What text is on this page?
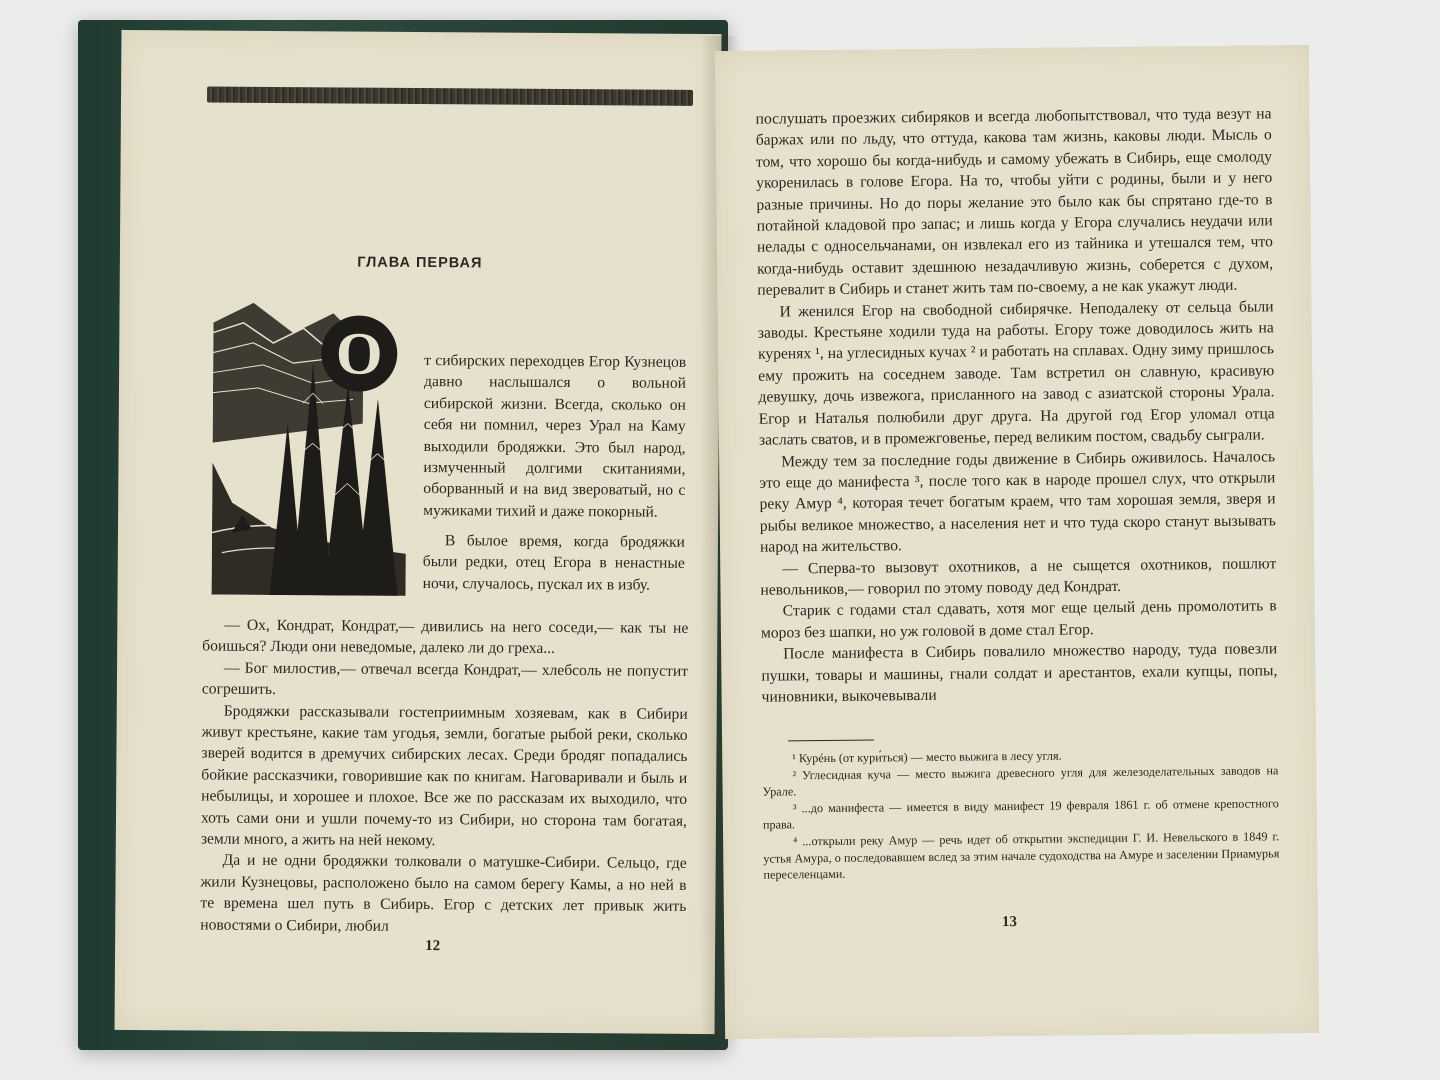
ГЛАВА ПЕРВАЯ
О	т сибирских переходцев Егор Кузнецов давно наслышался о вольной сибирской жизни. Всегда, сколько он себя ни помнил, через Урал на Каму выходили бродяжки. Это был народ, измученный долгими скитаниями, оборванный и на вид звероватый, но с мужиками тихий и даже покорный.

В былое время, когда бродяжки были редки, отец Егора в ненастные ночи, случалось, пускал их в избу.

— Ох, Кондрат, Кондрат,— дивились на него соседи,— как ты не боишься? Люди они неведомые, далеко ли до греха...

— Бог милостив,— отвечал всегда Кондрат,— хлебсоль не попустит согрешить.

Бродяжки рассказывали гостеприимным хозяевам, как в Сибири живут крестьяне, какие там угодья, земли, богатые рыбой реки, сколько зверей водится в дремучих сибирских лесах. Среди бродяг попадались бойкие рассказчики, говорившие как по книгам. Наговаривали и быль и небылицы, и хорошее и плохое. Все же по рассказам их выходило, что хоть сами они и ушли почему-то из Сибири, но сторона там богатая, земли много, а жить на ней некому.

Да и не одни бродяжки толковали о матушке-Сибири. Сельцо, где жили Кузнецовы, расположено было на самом берегу Камы, а но ней в те времена шел путь в Сибирь. Егор с детских лет привык жить новостями о Сибири, любил

12

послушать проезжих сибиряков и всегда любопытствовал, что туда везут на баржах или по льду, что оттуда, какова там жизнь, каковы люди. Мысль о том, что хорошо бы когда-нибудь и самому убежать в Сибирь, еще смолоду укоренилась в голове Егора. На то, чтобы уйти с родины, были и у него разные причины. Но до поры желание это было как бы спрятано где-то в потайной кладовой про запас; и лишь когда у Егора случались неудачи или нелады с односельчанами, он извлекал его из тайника и утешался тем, что когда-нибудь оставит здешнюю незадачливую жизнь, соберется с духом, перевалит в Сибирь и станет жить там по-своему, а не как укажут люди.

И женился Егор на свободной сибирячке. Неподалеку от сельца были заводы. Крестьяне ходили туда на работы. Егору тоже доводилось жить на куренях ¹, на углесидных кучах ² и работать на сплавах. Одну зиму пришлось ему прожить на соседнем заводе. Там встретил он славную, красивую девушку, дочь извежога, присланного на завод с азиатской стороны Урала. Егор и Наталья полюбили друг друга. На другой год Егор уломал отца заслать сватов, и в промежговенье, перед великим постом, свадьбу сыграли.

Между тем за последние годы движение в Сибирь оживилось. Началось это еще до манифеста ³, после того как в народе прошел слух, что открыли реку Амур ⁴, которая течет богатым краем, что там хорошая земля, зверя и рыбы великое множество, а населения нет и что туда скоро станут вызывать народ на жительство.

— Сперва-то вызовут охотников, а не сыщется охотников, пошлют невольников,— говорил по этому поводу дед Кондрат.

Старик с годами стал сдавать, хотя мог еще целый день промолотить в мороз без шапки, но уж головой в доме стал Егор.

После манифеста в Сибирь повалило множество народу, туда повезли пушки, товары и машины, гнали солдат и арестантов, ехали купцы, попы, чиновники, выкочевывали

¹ Курéнь (от кури́ться) — место выжига в лесу угля.

² Углесидная куча — место выжига древесного угля для железоделательных заводов на Урале.

³ ...до манифеста — имеется в виду манифест 19 февраля 1861 г. об отмене крепостного права.

⁴ ...открыли реку Амур — речь идет об открытии экспедиции Г. И. Невельского в 1849 г. устья Амура, о последовавшем вслед за этим начале судоходства на Амуре и заселении Приамурья переселенцами.

13
